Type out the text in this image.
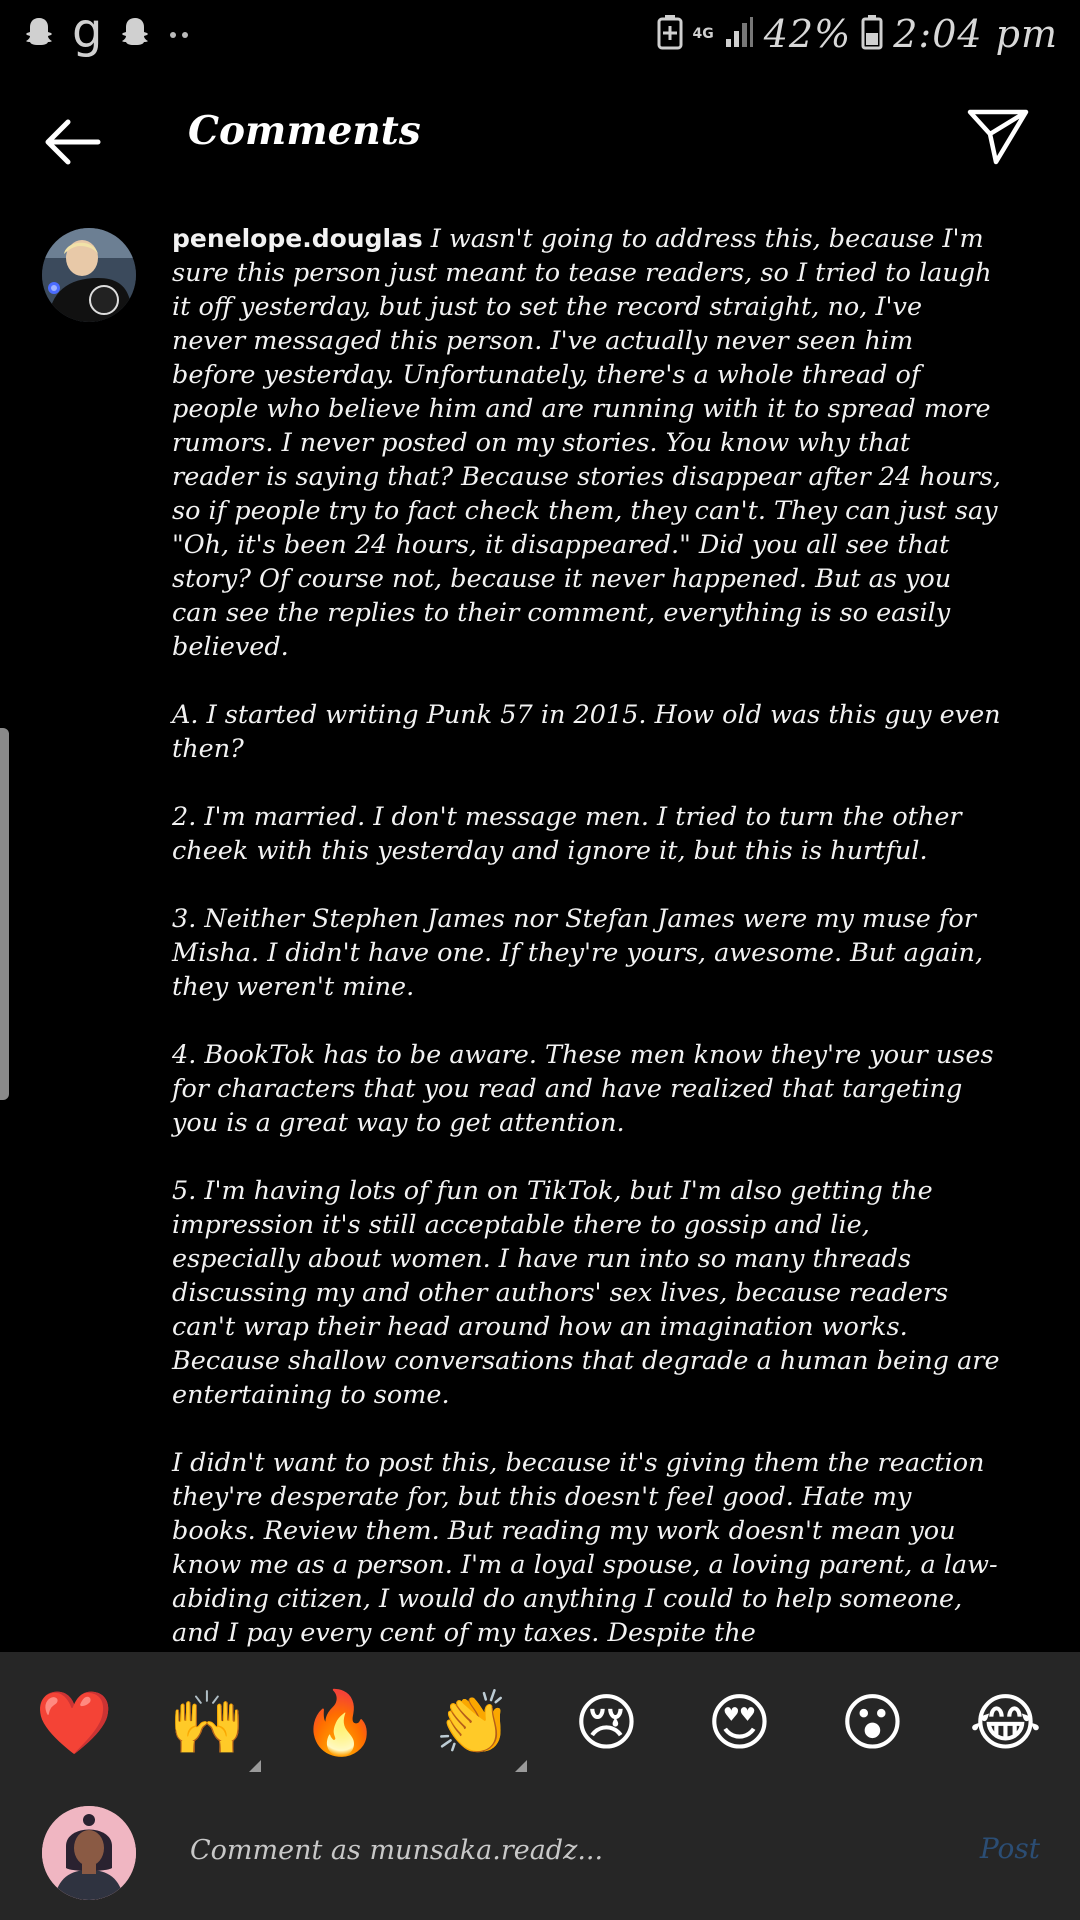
g	4G 42% 2:04 pm
Comments

penelope.douglas I wasn't going to address this, because I'm sure this person just meant to tease readers, so I tried to laugh it off yesterday, but just to set the record straight, no, I've never messaged this person. I've actually never seen him before yesterday. Unfortunately, there's a whole thread of people who believe him and are running with it to spread more rumors. I never posted on my stories. You know why that reader is saying that? Because stories disappear after 24 hours, so if people try to fact check them, they can't. They can just say "Oh, it's been 24 hours, it disappeared." Did you all see that story? Of course not, because it never happened. But as you can see the replies to their comment, everything is so easily believed.

A. I started writing Punk 57 in 2015. How old was this guy even then?

2. I'm married. I don't message men. I tried to turn the other cheek with this yesterday and ignore it, but this is hurtful.

3. Neither Stephen James nor Stefan James were my muse for Misha. I didn't have one. If they're yours, awesome. But again, they weren't mine.

4. BookTok has to be aware. These men know they're your uses for characters that you read and have realized that targeting you is a great way to get attention.

5. I'm having lots of fun on TikTok, but I'm also getting the impression it's still acceptable there to gossip and lie, especially about women. I have run into so many threads discussing my and other authors' sex lives, because readers can't wrap their head around how an imagination works. Because shallow conversations that degrade a human being are entertaining to some.

I didn't want to post this, because it's giving them the reaction they're desperate for, but this doesn't feel good. Hate my books. Review them. But reading my work doesn't mean you know me as a person. I'm a loyal spouse, a loving parent, a law-abiding citizen, I would do anything I could to help someone, and I pay every cent of my taxes. Despite the

❤️ 🙌 🔥 👏 😢 😍 😮 😂
Comment as munsaka.readz...
Post
